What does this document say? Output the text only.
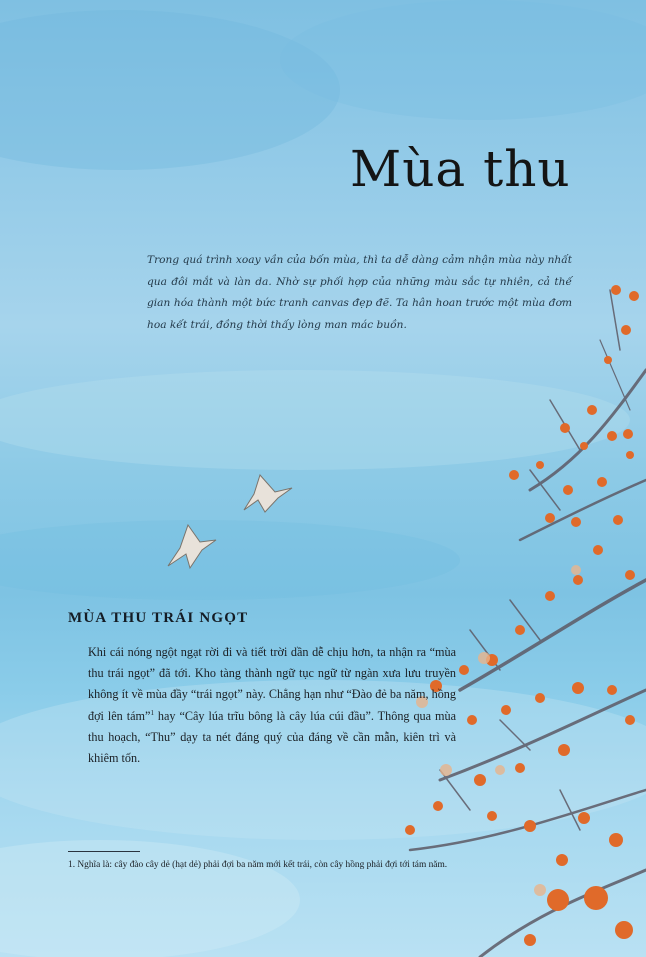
Mùa thu
Trong quá trình xoay vần của bốn mùa, thì ta dễ dàng cảm nhận mùa này nhất qua đôi mắt và làn da. Nhờ sự phối hợp của những màu sắc tự nhiên, cả thế gian hóa thành một bức tranh canvas đẹp đẽ. Ta hân hoan trước một mùa đơm hoa kết trái, đồng thời thấy lòng man mác buồn.
MÙA THU TRÁI NGỌT

Khi cái nóng ngột ngạt rời đi và tiết trời dần dễ chịu hơn, ta nhận ra “mùa thu trái ngọt” đã tới. Kho tàng thành ngữ tục ngữ từ ngàn xưa lưu truyền không ít về mùa đầy “trái ngọt” này. Chẳng hạn như “Đào đẻ ba năm, hồng đợi lên tám”$^1$ hay “Cây lúa trĩu bông là cây lúa cúi đầu”. Thông qua mùa thu hoạch, “Thu” dạy ta nét đáng quý của đáng về cần mẫn, kiên trì và khiêm tốn.

1. Nghĩa là: cây đào cây dẻ (hạt dẻ) phải đợi ba năm mới kết trái, còn cây hồng phải đợi tới tám năm.
